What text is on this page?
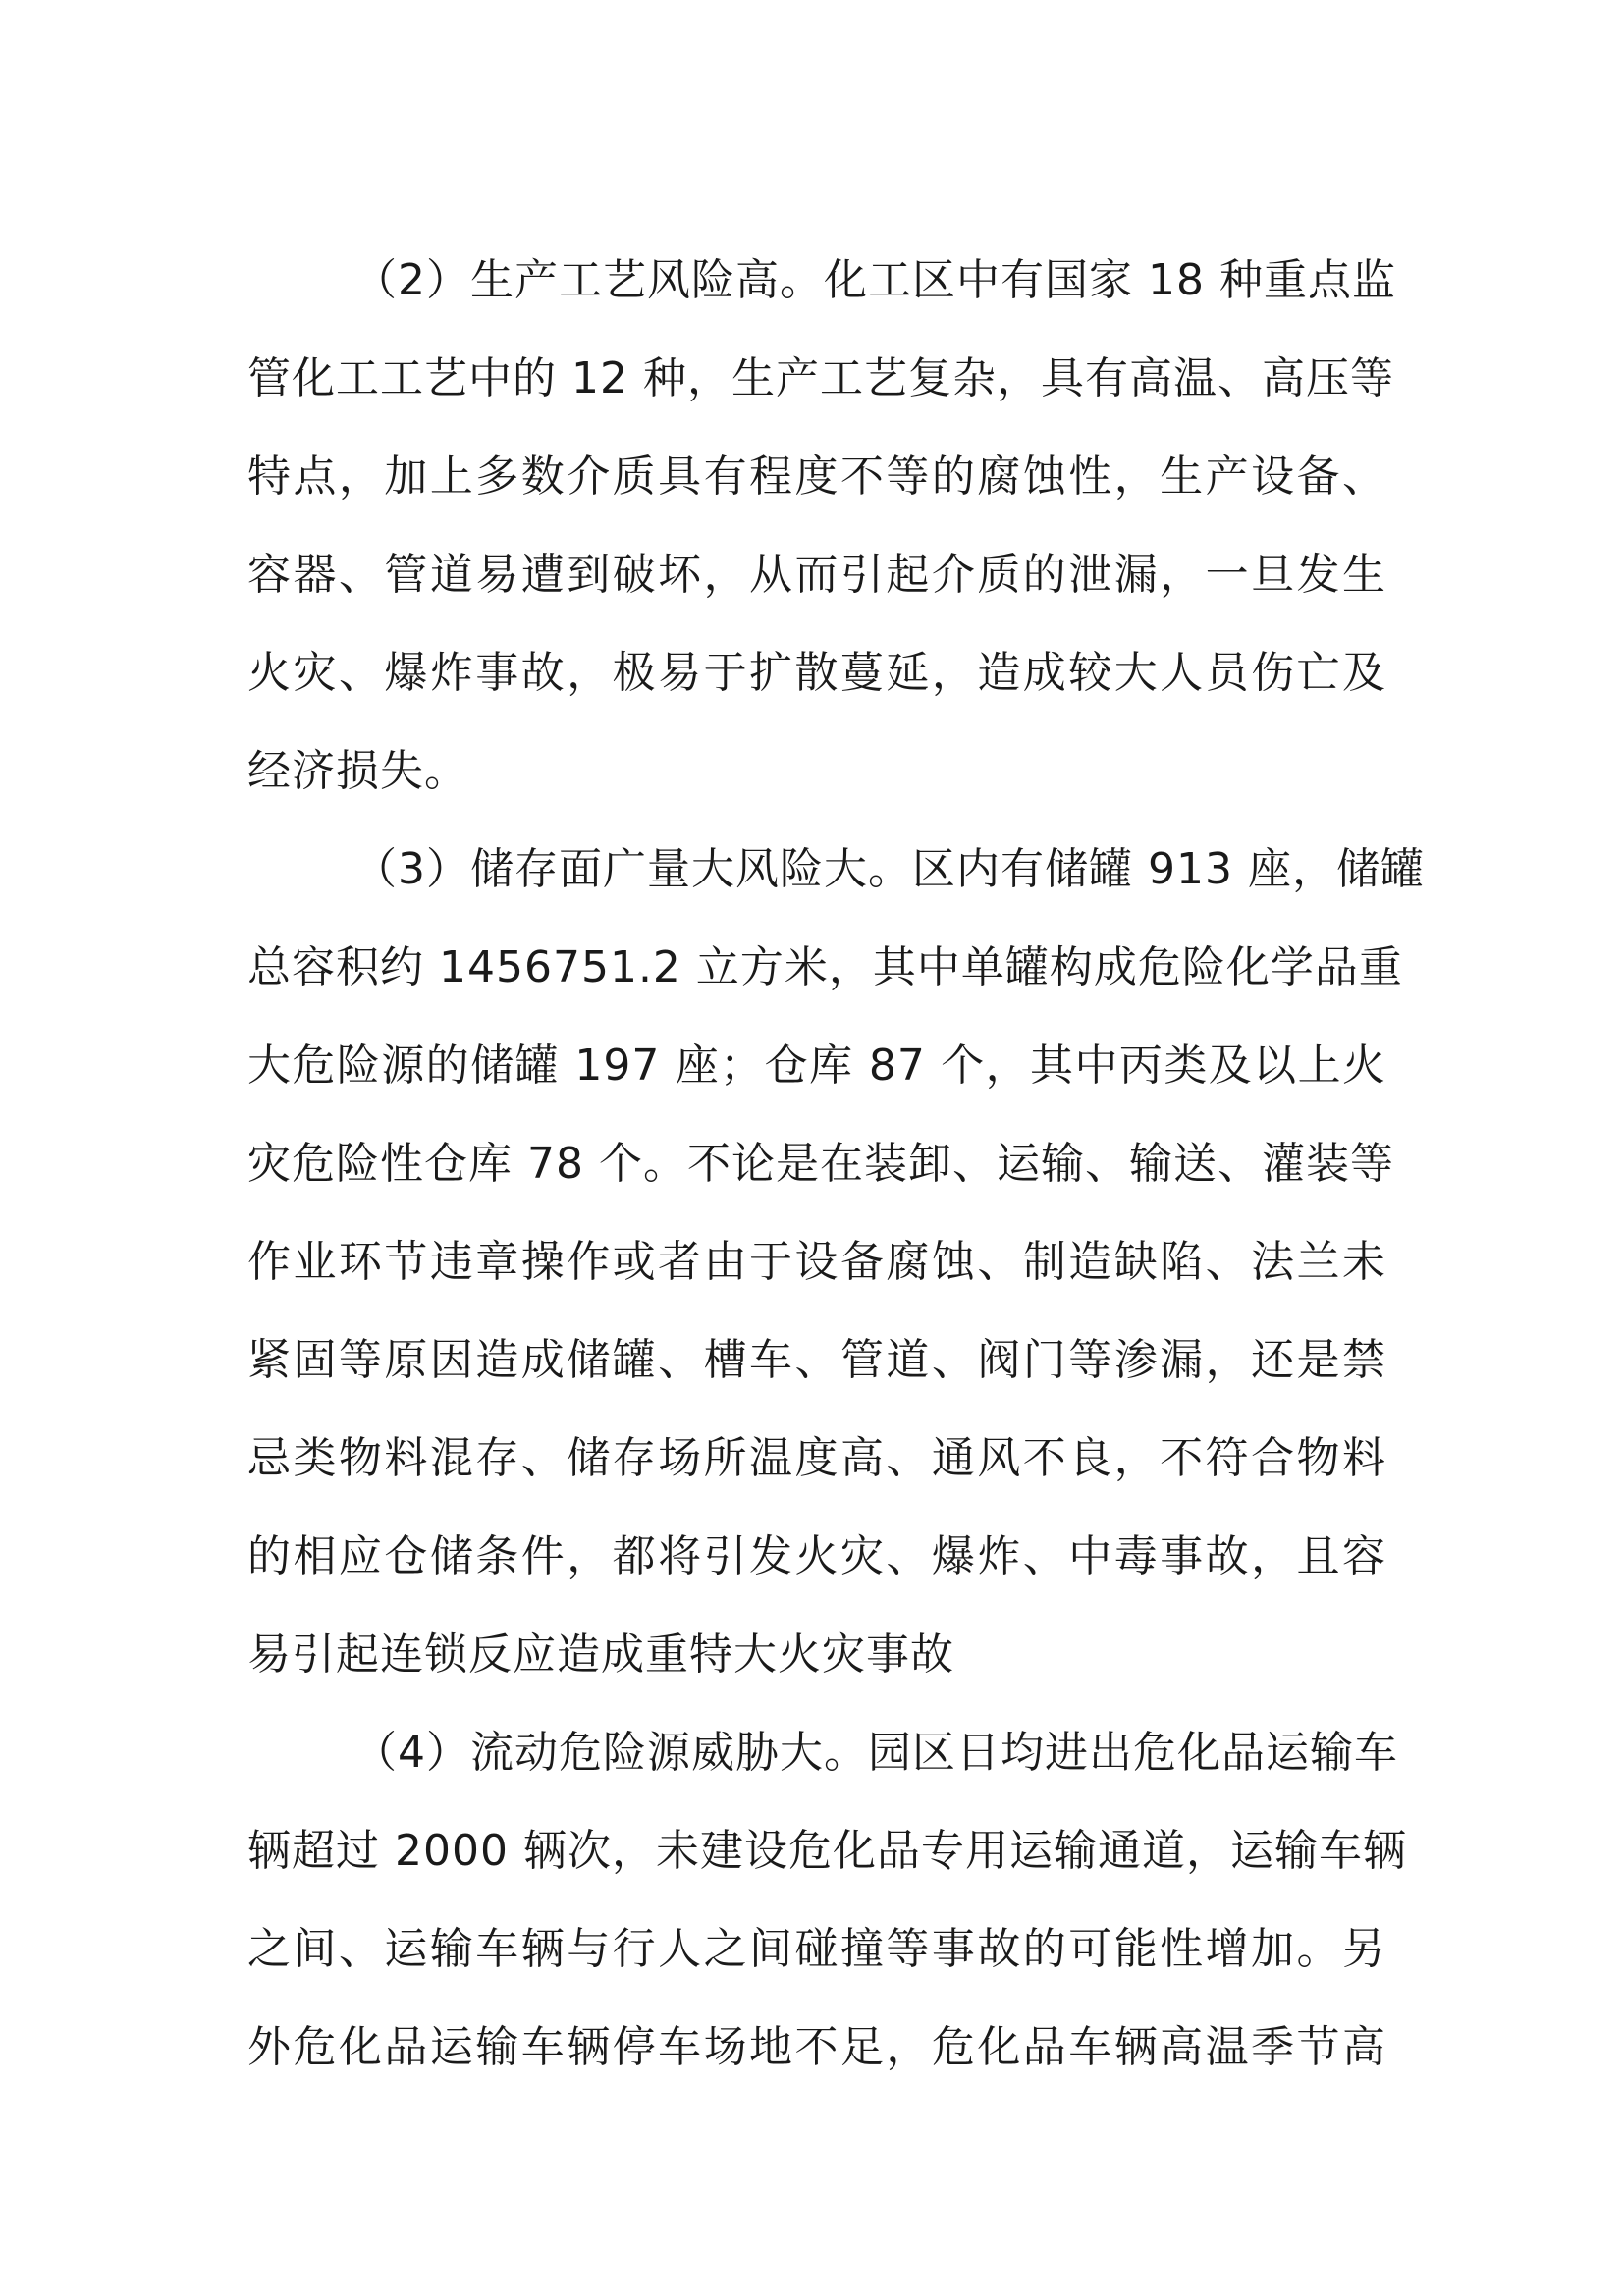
（2）生产工艺风险高。化工区中有国家 18 种重点监
管化工工艺中的 12 种，生产工艺复杂，具有高温、高压等
特点，加上多数介质具有程度不等的腐蚀性，生产设备、
容器、管道易遭到破坏，从而引起介质的泄漏，一旦发生
火灾、爆炸事故，极易于扩散蔓延，造成较大人员伤亡及
经济损失。
（3）储存面广量大风险大。区内有储罐 913 座，储罐
总容积约 1456751.2 立方米，其中单罐构成危险化学品重
大危险源的储罐 197 座；仓库 87 个，其中丙类及以上火
灾危险性仓库 78 个。不论是在装卸、运输、输送、灌装等
作业环节违章操作或者由于设备腐蚀、制造缺陷、法兰未
紧固等原因造成储罐、槽车、管道、阀门等渗漏，还是禁
忌类物料混存、储存场所温度高、通风不良，不符合物料
的相应仓储条件，都将引发火灾、爆炸、中毒事故，且容
易引起连锁反应造成重特大火灾事故
（4）流动危险源威胁大。园区日均进出危化品运输车
辆超过 2000 辆次，未建设危化品专用运输通道，运输车辆
之间、运输车辆与行人之间碰撞等事故的可能性增加。另
外危化品运输车辆停车场地不足，危化品车辆高温季节高
